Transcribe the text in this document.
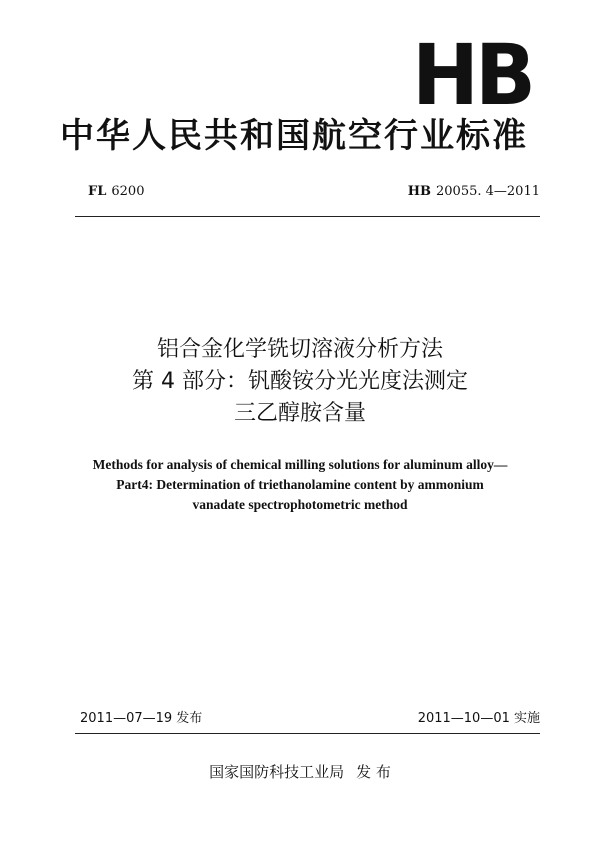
HB
中华人民共和国航空行业标准
FL 6200	HB 20055. 4—2011
铝合金化学铣切溶液分析方法
第 4 部分：钒酸铵分光光度法测定
三乙醇胺含量
Methods for analysis of chemical milling solutions for aluminum alloy—
Part4: Determination of triethanolamine content by ammonium
vanadate spectrophotometric method
2011—07—19 发布	2011—10—01 实施
国家国防科技工业局 发 布
